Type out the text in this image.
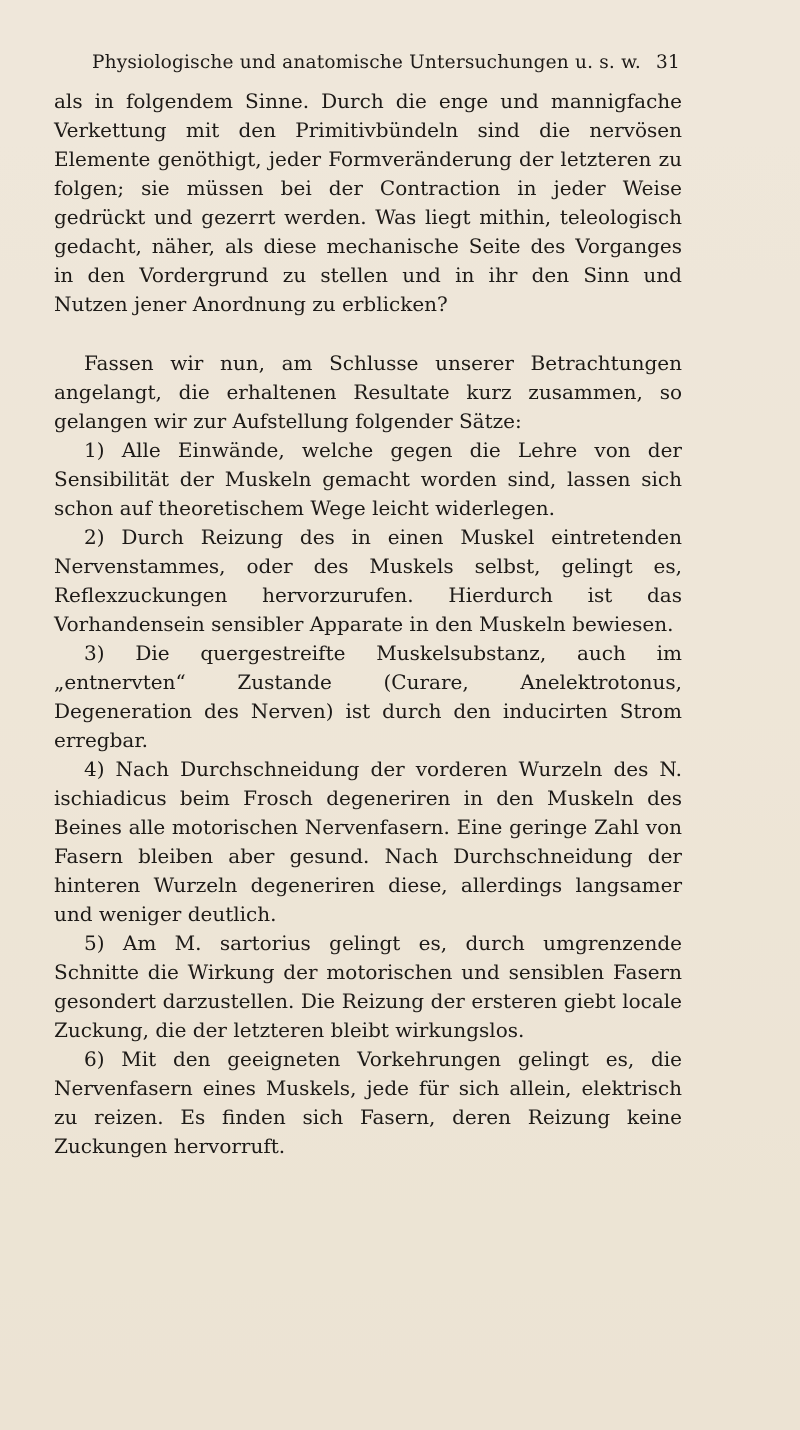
Physiologische und anatomische Untersuchungen u. s. w. 31

als in folgendem Sinne. Durch die enge und mannigfache Verkettung mit den Primitivbündeln sind die nervösen Elemente genöthigt, jeder Formveränderung der letzteren zu folgen; sie müssen bei der Contraction in jeder Weise gedrückt und gezerrt werden. Was liegt mithin, teleologisch gedacht, näher, als diese mechanische Seite des Vorganges in den Vordergrund zu stellen und in ihr den Sinn und Nutzen jener Anordnung zu erblicken?

Fassen wir nun, am Schlusse unserer Betrachtungen angelangt, die erhaltenen Resultate kurz zusammen, so gelangen wir zur Aufstellung folgender Sätze:

1) Alle Einwände, welche gegen die Lehre von der Sensibilität der Muskeln gemacht worden sind, lassen sich schon auf theoretischem Wege leicht widerlegen.

2) Durch Reizung des in einen Muskel eintretenden Nervenstammes, oder des Muskels selbst, gelingt es, Reflexzuckungen hervorzurufen. Hierdurch ist das Vorhandensein sensibler Apparate in den Muskeln bewiesen.

3) Die quergestreifte Muskelsubstanz, auch im „entnervten“ Zustande (Curare, Anelektrotonus, Degeneration des Nerven) ist durch den inducirten Strom erregbar.

4) Nach Durchschneidung der vorderen Wurzeln des N. ischiadicus beim Frosch degeneriren in den Muskeln des Beines alle motorischen Nervenfasern. Eine geringe Zahl von Fasern bleiben aber gesund. Nach Durchschneidung der hinteren Wurzeln degeneriren diese, allerdings langsamer und weniger deutlich.

5) Am M. sartorius gelingt es, durch umgrenzende Schnitte die Wirkung der motorischen und sensiblen Fasern gesondert darzustellen. Die Reizung der ersteren giebt locale Zuckung, die der letzteren bleibt wirkungslos.

6) Mit den geeigneten Vorkehrungen gelingt es, die Nervenfasern eines Muskels, jede für sich allein, elektrisch zu reizen. Es finden sich Fasern, deren Reizung keine Zuckungen hervorruft.
